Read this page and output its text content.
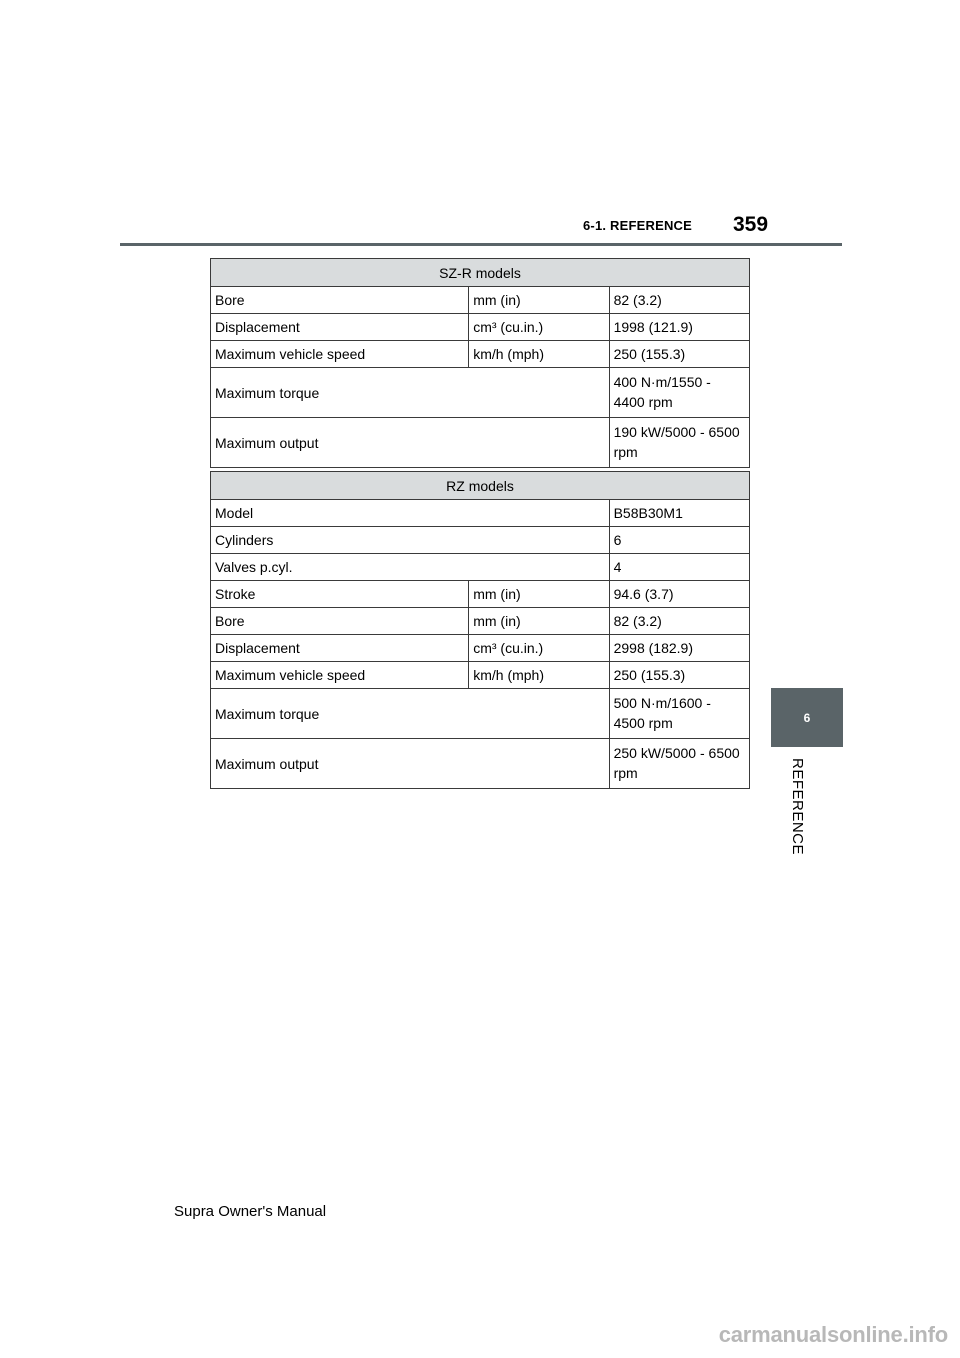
6-1. REFERENCE 359
SZ-R models		
Bore	mm (in)	82 (3.2)
Displacement	cm³ (cu.in.)	1998 (121.9)
Maximum vehicle speed	km/h (mph)	250 (155.3)
Maximum torque		400 N·m/1550 -
4400 rpm
Maximum output		190 kW/5000 - 6500
rpm
RZ models		
Model		B58B30M1
Cylinders		6
Valves p.cyl.		4
Stroke	mm (in)	94.6 (3.7)
Bore	mm (in)	82 (3.2)
Displacement	cm³ (cu.in.)	2998 (182.9)
Maximum vehicle speed	km/h (mph)	250 (155.3)
Maximum torque		500 N·m/1600 -
4500 rpm
Maximum output		250 kW/5000 - 6500
rpm
6
REFERENCE
Supra Owner's Manual
carmanualsonline.info
